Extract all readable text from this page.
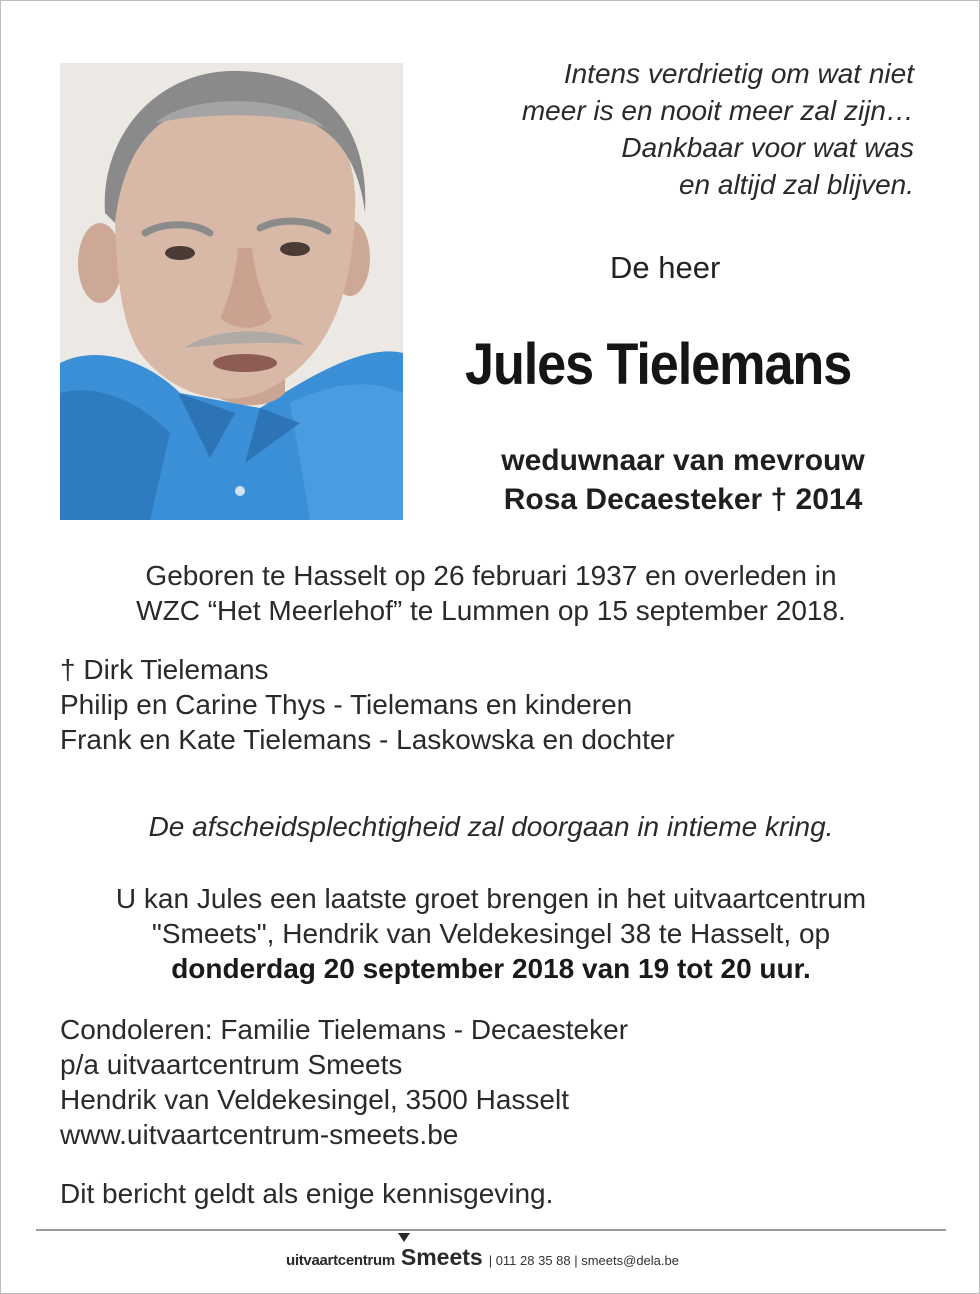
Intens verdrietig om wat niet
meer is en nooit meer zal zijn…
Dankbaar voor wat was
en altijd zal blijven.
De heer
Jules Tielemans
weduwnaar van mevrouw
Rosa Decaesteker † 2014
Geboren te Hasselt op 26 februari 1937 en overleden in
WZC “Het Meerlehof” te Lummen op 15 september 2018.
† Dirk Tielemans
Philip en Carine Thys - Tielemans en kinderen
Frank en Kate Tielemans - Laskowska en dochter
De afscheidsplechtigheid zal doorgaan in intieme kring.
U kan Jules een laatste groet brengen in het uitvaartcentrum
"Smeets", Hendrik van Veldekesingel 38 te Hasselt, op
donderdag 20 september 2018 van 19 tot 20 uur.
Condoleren: Familie Tielemans - Decaesteker
p/a uitvaartcentrum Smeets
Hendrik van Veldekesingel, 3500 Hasselt
www.uitvaartcentrum-smeets.be
Dit bericht geldt als enige kennisgeving.
uitvaartcentrum Smeets | 011 28 35 88 | smeets@dela.be
